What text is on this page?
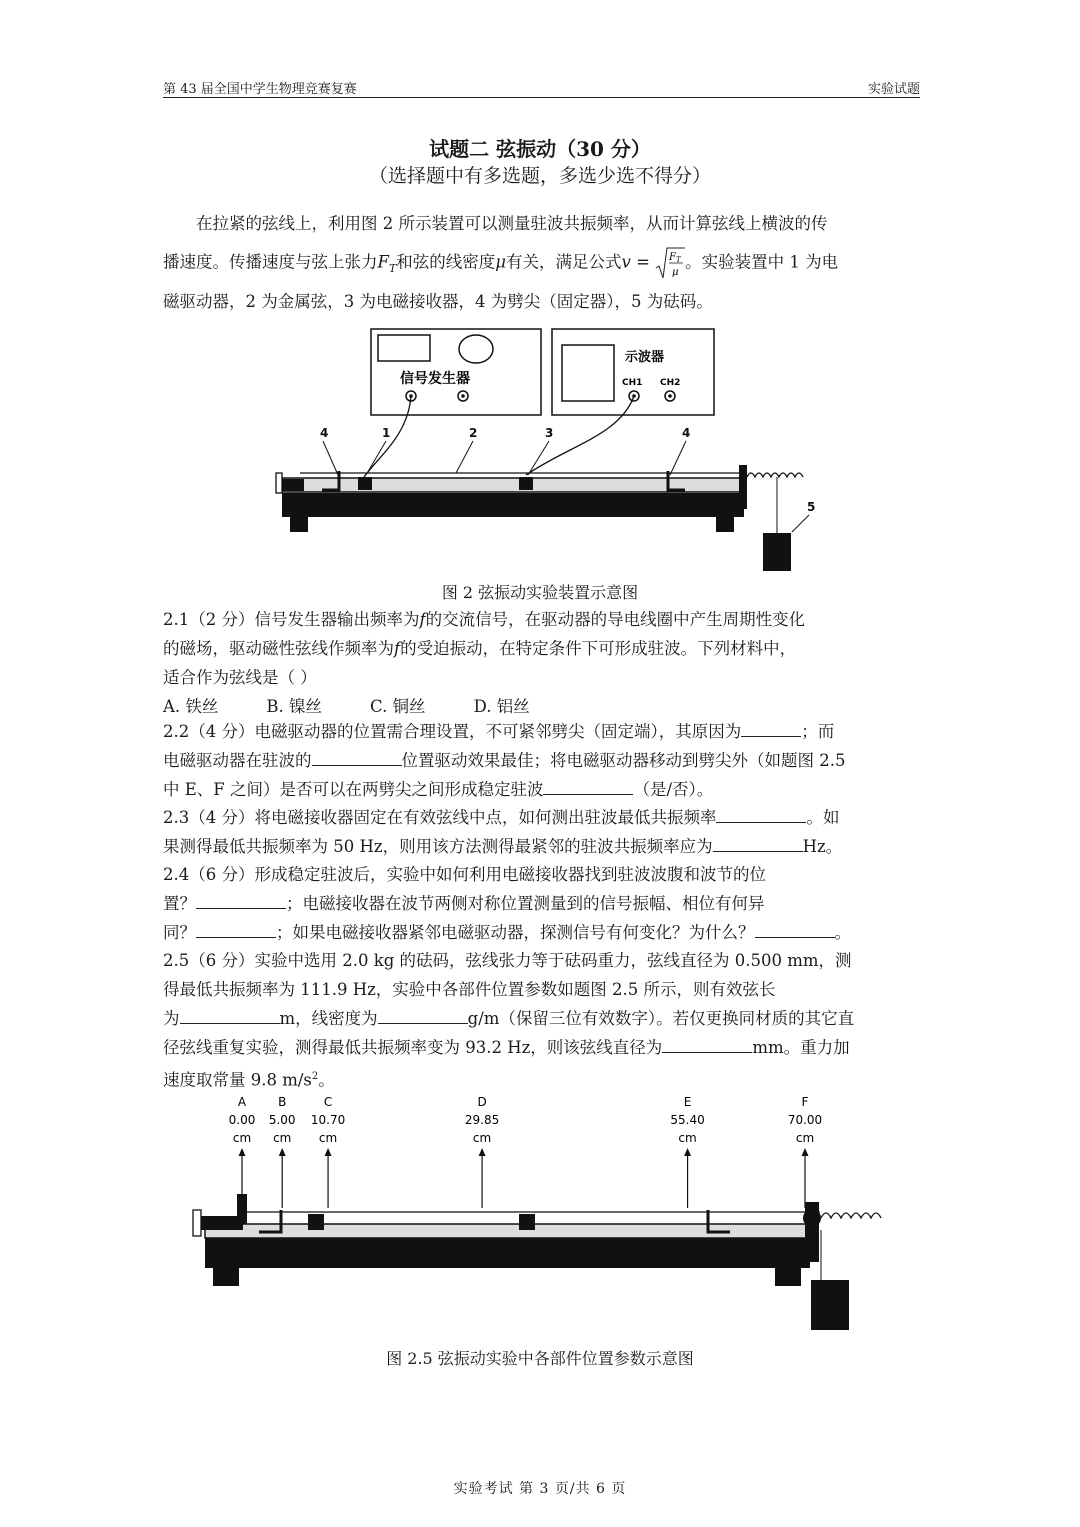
第 43 届全国中学生物理竞赛复赛	实验试题
试题二 弦振动（30 分）
（选择题中有多选题，多选少选不得分）
在拉紧的弦线上，利用图 2 所示装置可以测量驻波共振频率，从而计算弦线上横波的传
播速度。传播速度与弦上张力$F_T$和弦的线密度μ有关，满足公式v = F T
μ
。实验装置中 1 为电
磁驱动器，2 为金属弦，3 为电磁接收器，4 为劈尖（固定器），5 为砝码。
信号发生器
示波器
CH1 CH2
4	1	2	3	4
5
图 2 弦振动实验装置示意图
2.1（2 分）信号发生器输出频率为𝑓的交流信号，在驱动器的导电线圈中产生周期性变化
的磁场，驱动磁性弦线作频率为𝑓的受迫振动，在特定条件下可形成驻波。下列材料中，
适合作为弦线是（ ）
A. 铁丝	B. 镍丝	C. 铜丝	D. 铝丝
2.2（4 分）电磁驱动器的位置需合理设置，不可紧邻劈尖（固定端），其原因为	；而
电磁驱动器在驻波的	位置驱动效果最佳；将电磁驱动器移动到劈尖外（如题图 2.5
中 E、F 之间）是否可以在两劈尖之间形成稳定驻波	（是/否）。
2.3（4 分）将电磁接收器固定在有效弦线中点，如何测出驻波最低共振频率	。如
果测得最低共振频率为 50 Hz，则用该方法测得最紧邻的驻波共振频率应为	Hz。
2.4（6 分）形成稳定驻波后，实验中如何利用电磁接收器找到驻波波腹和波节的位
置？	；电磁接收器在波节两侧对称位置测量到的信号振幅、相位有何异
同？	；如果电磁接收器紧邻电磁驱动器，探测信号有何变化？为什么？	。
2.5（6 分）实验中选用 2.0 kg 的砝码，弦线张力等于砝码重力，弦线直径为 0.500 mm，测
得最低共振频率为 111.9 Hz，实验中各部件位置参数如题图 2.5 所示，则有效弦长
为	m，线密度为	g/m（保留三位有效数字）。若仅更换同材质的其它直
径弦线重复实验，测得最低共振频率变为 93.2 Hz，则该弦线直径为	mm。重力加
速度取常量 9.8 $m/s^2$。
A
0.00
cm
B
5.00
cm
C
10.70
cm
D
29.85
cm
E
55.40
cm
F
70.00
cm
图 2.5 弦振动实验中各部件位置参数示意图
实验考试 第 3 页/共 6 页
